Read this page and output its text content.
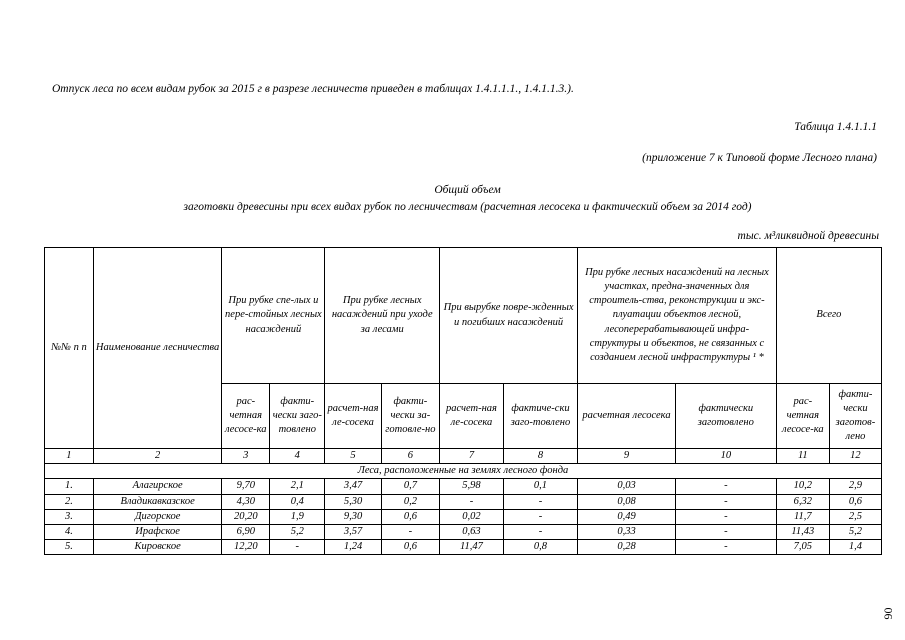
Отпуск леса по всем видам рубок за 2015 г в разрезе лесничеств приведен в таблицах 1.4.1.1.1., 1.4.1.1.3.).
Таблица 1.4.1.1.1
(приложение 7 к Типовой форме Лесного плана)
Общий объем
заготовки древесины при всех видах рубок по лесничествам (расчетная лесосека и фактический объем за 2014 год)
тыс. м³ликвидной древесины
№№ п п	Наименование лесничества	При рубке спе-лых и пере-стойных лесных насаждений		При рубке лесных насаждений при уходе за лесами		При вырубке повре-жденных и погибших насаждений		При рубке лесных насаждений на лесных участках, предна-значенных для строитель-ства, реконструкции и экс-плуатации объектов лесной, лесоперерабатывающей инфра-структуры и объектов, не связанных с созданием лесной инфраструктуры ¹ *		Всего	
		рас-четная лесосе-ка	факти-чески заго-товлено	расчет-ная ле-сосека	факти-чески за-готовле-но	расчет-ная ле-сосека	фактиче-ски заго-товлено	расчетная лесосека	фактически заготовлено	рас-четная лесосе-ка	факти-чески заготов-лено
1	2	3	4	5	6	7	8	9	10	11	12
Леса, расположенные на землях лесного фонда											
1.	Алагирское	9,70	2,1	3,47	0,7	5,98	0,1	0,03	-	10,2	2,9
2.	Владикавказское	4,30	0,4	5,30	0,2	-	-	0,08	-	6,32	0,6
3.	Дигорское	20,20	1,9	9,30	0,6	0,02	-	0,49	-	11,7	2,5
4.	Ирафское	6,90	5,2	3,57	-	0,63	-	0,33	-	11,43	5,2
5.	Кировское	12,20	-	1,24	0,6	11,47	0,8	0,28	-	7,05	1,4
06
